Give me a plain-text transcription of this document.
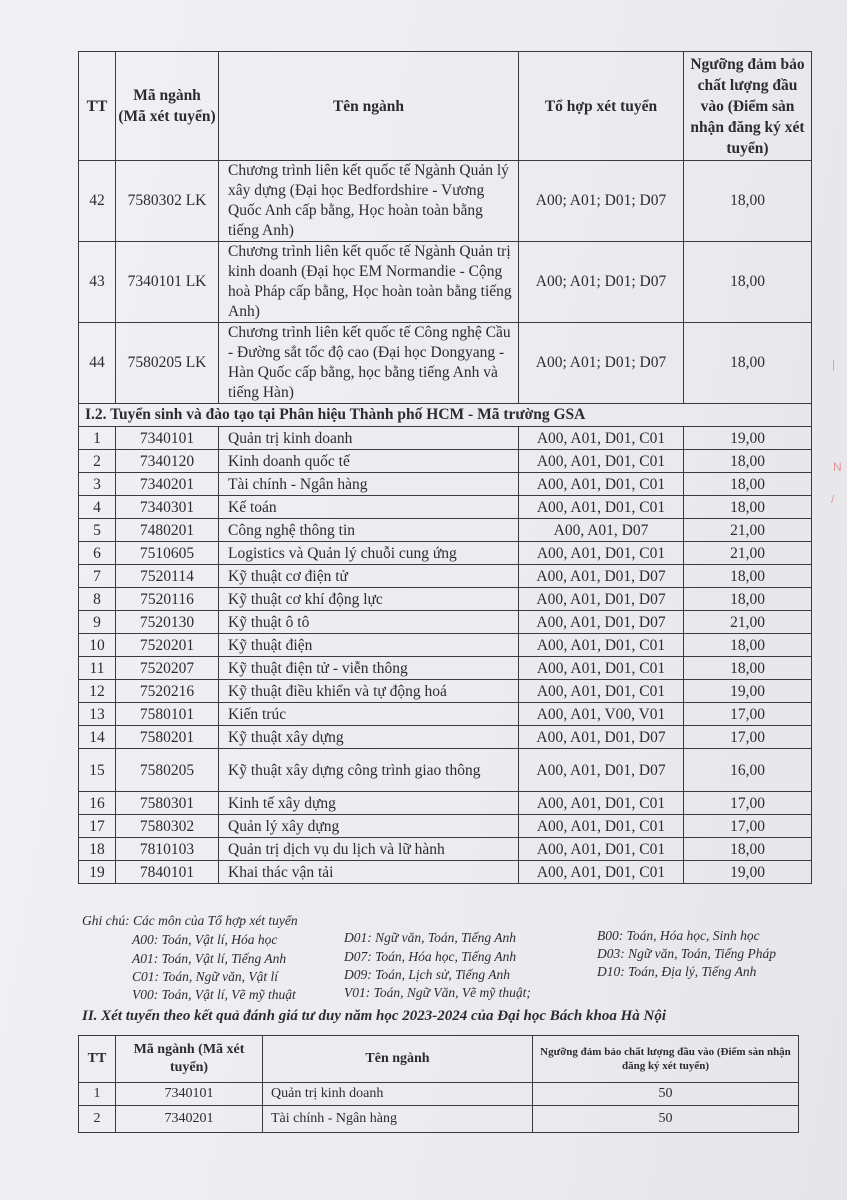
TT	Mã ngành (Mã xét tuyển)	Tên ngành	Tổ hợp xét tuyển	Ngưỡng đảm bảo chất lượng đầu vào (Điểm sàn nhận đăng ký xét tuyển)
42	7580302 LK	Chương trình liên kết quốc tế Ngành Quản lý xây dựng (Đại học Bedfordshire - Vương Quốc Anh cấp bằng, Học hoàn toàn bằng tiếng Anh)	A00; A01; D01; D07	18,00
43	7340101 LK	Chương trình liên kết quốc tế Ngành Quản trị kinh doanh (Đại học EM Normandie - Cộng hoà Pháp cấp bằng, Học hoàn toàn bằng tiếng Anh)	A00; A01; D01; D07	18,00
44	7580205 LK	Chương trình liên kết quốc tế Công nghệ Cầu - Đường sắt tốc độ cao (Đại học Dongyang - Hàn Quốc cấp bằng, học bằng tiếng Anh và tiếng Hàn)	A00; A01; D01; D07	18,00
I.2. Tuyển sinh và đào tạo tại Phân hiệu Thành phố HCM - Mã trường GSA				
1	7340101	Quản trị kinh doanh	A00, A01, D01, C01	19,00
2	7340120	Kinh doanh quốc tế	A00, A01, D01, C01	18,00
3	7340201	Tài chính - Ngân hàng	A00, A01, D01, C01	18,00
4	7340301	Kế toán	A00, A01, D01, C01	18,00
5	7480201	Công nghệ thông tin	A00, A01, D07	21,00
6	7510605	Logistics và Quản lý chuỗi cung ứng	A00, A01, D01, C01	21,00
7	7520114	Kỹ thuật cơ điện tử	A00, A01, D01, D07	18,00
8	7520116	Kỹ thuật cơ khí động lực	A00, A01, D01, D07	18,00
9	7520130	Kỹ thuật ô tô	A00, A01, D01, D07	21,00
10	7520201	Kỹ thuật điện	A00, A01, D01, C01	18,00
11	7520207	Kỹ thuật điện tử - viễn thông	A00, A01, D01, C01	18,00
12	7520216	Kỹ thuật điều khiển và tự động hoá	A00, A01, D01, C01	19,00
13	7580101	Kiến trúc	A00, A01, V00, V01	17,00
14	7580201	Kỹ thuật xây dựng	A00, A01, D01, D07	17,00
15	7580205	Kỹ thuật xây dựng công trình giao thông	A00, A01, D01, D07	16,00
16	7580301	Kinh tế xây dựng	A00, A01, D01, C01	17,00
17	7580302	Quản lý xây dựng	A00, A01, D01, C01	17,00
18	7810103	Quản trị dịch vụ du lịch và lữ hành	A00, A01, D01, C01	18,00
19	7840101	Khai thác vận tải	A00, A01, D01, C01	19,00
Ghi chú: Các môn của Tổ hợp xét tuyển
A00: Toán, Vật lí, Hóa học	D01: Ngữ văn, Toán, Tiếng Anh	B00: Toán, Hóa học, Sinh học
A01: Toán, Vật lí, Tiếng Anh	D07: Toán, Hóa học, Tiếng Anh	D03: Ngữ văn, Toán, Tiếng Pháp
C01: Toán, Ngữ văn, Vật lí	D09: Toán, Lịch sử, Tiếng Anh	D10: Toán, Địa lý, Tiếng Anh
V00: Toán, Vật lí, Vẽ mỹ thuật	V01: Toán, Ngữ Văn, Vẽ mỹ thuật;
II. Xét tuyển theo kết quả đánh giá tư duy năm học 2023-2024 của Đại học Bách khoa Hà Nội
TT	Mã ngành (Mã xét tuyển)	Tên ngành	Ngưỡng đảm bảo chất lượng đầu vào (Điểm sàn nhận đăng ký xét tuyển)
1	7340101	Quản trị kinh doanh	50
2	7340201	Tài chính - Ngân hàng	50
|
N
/
